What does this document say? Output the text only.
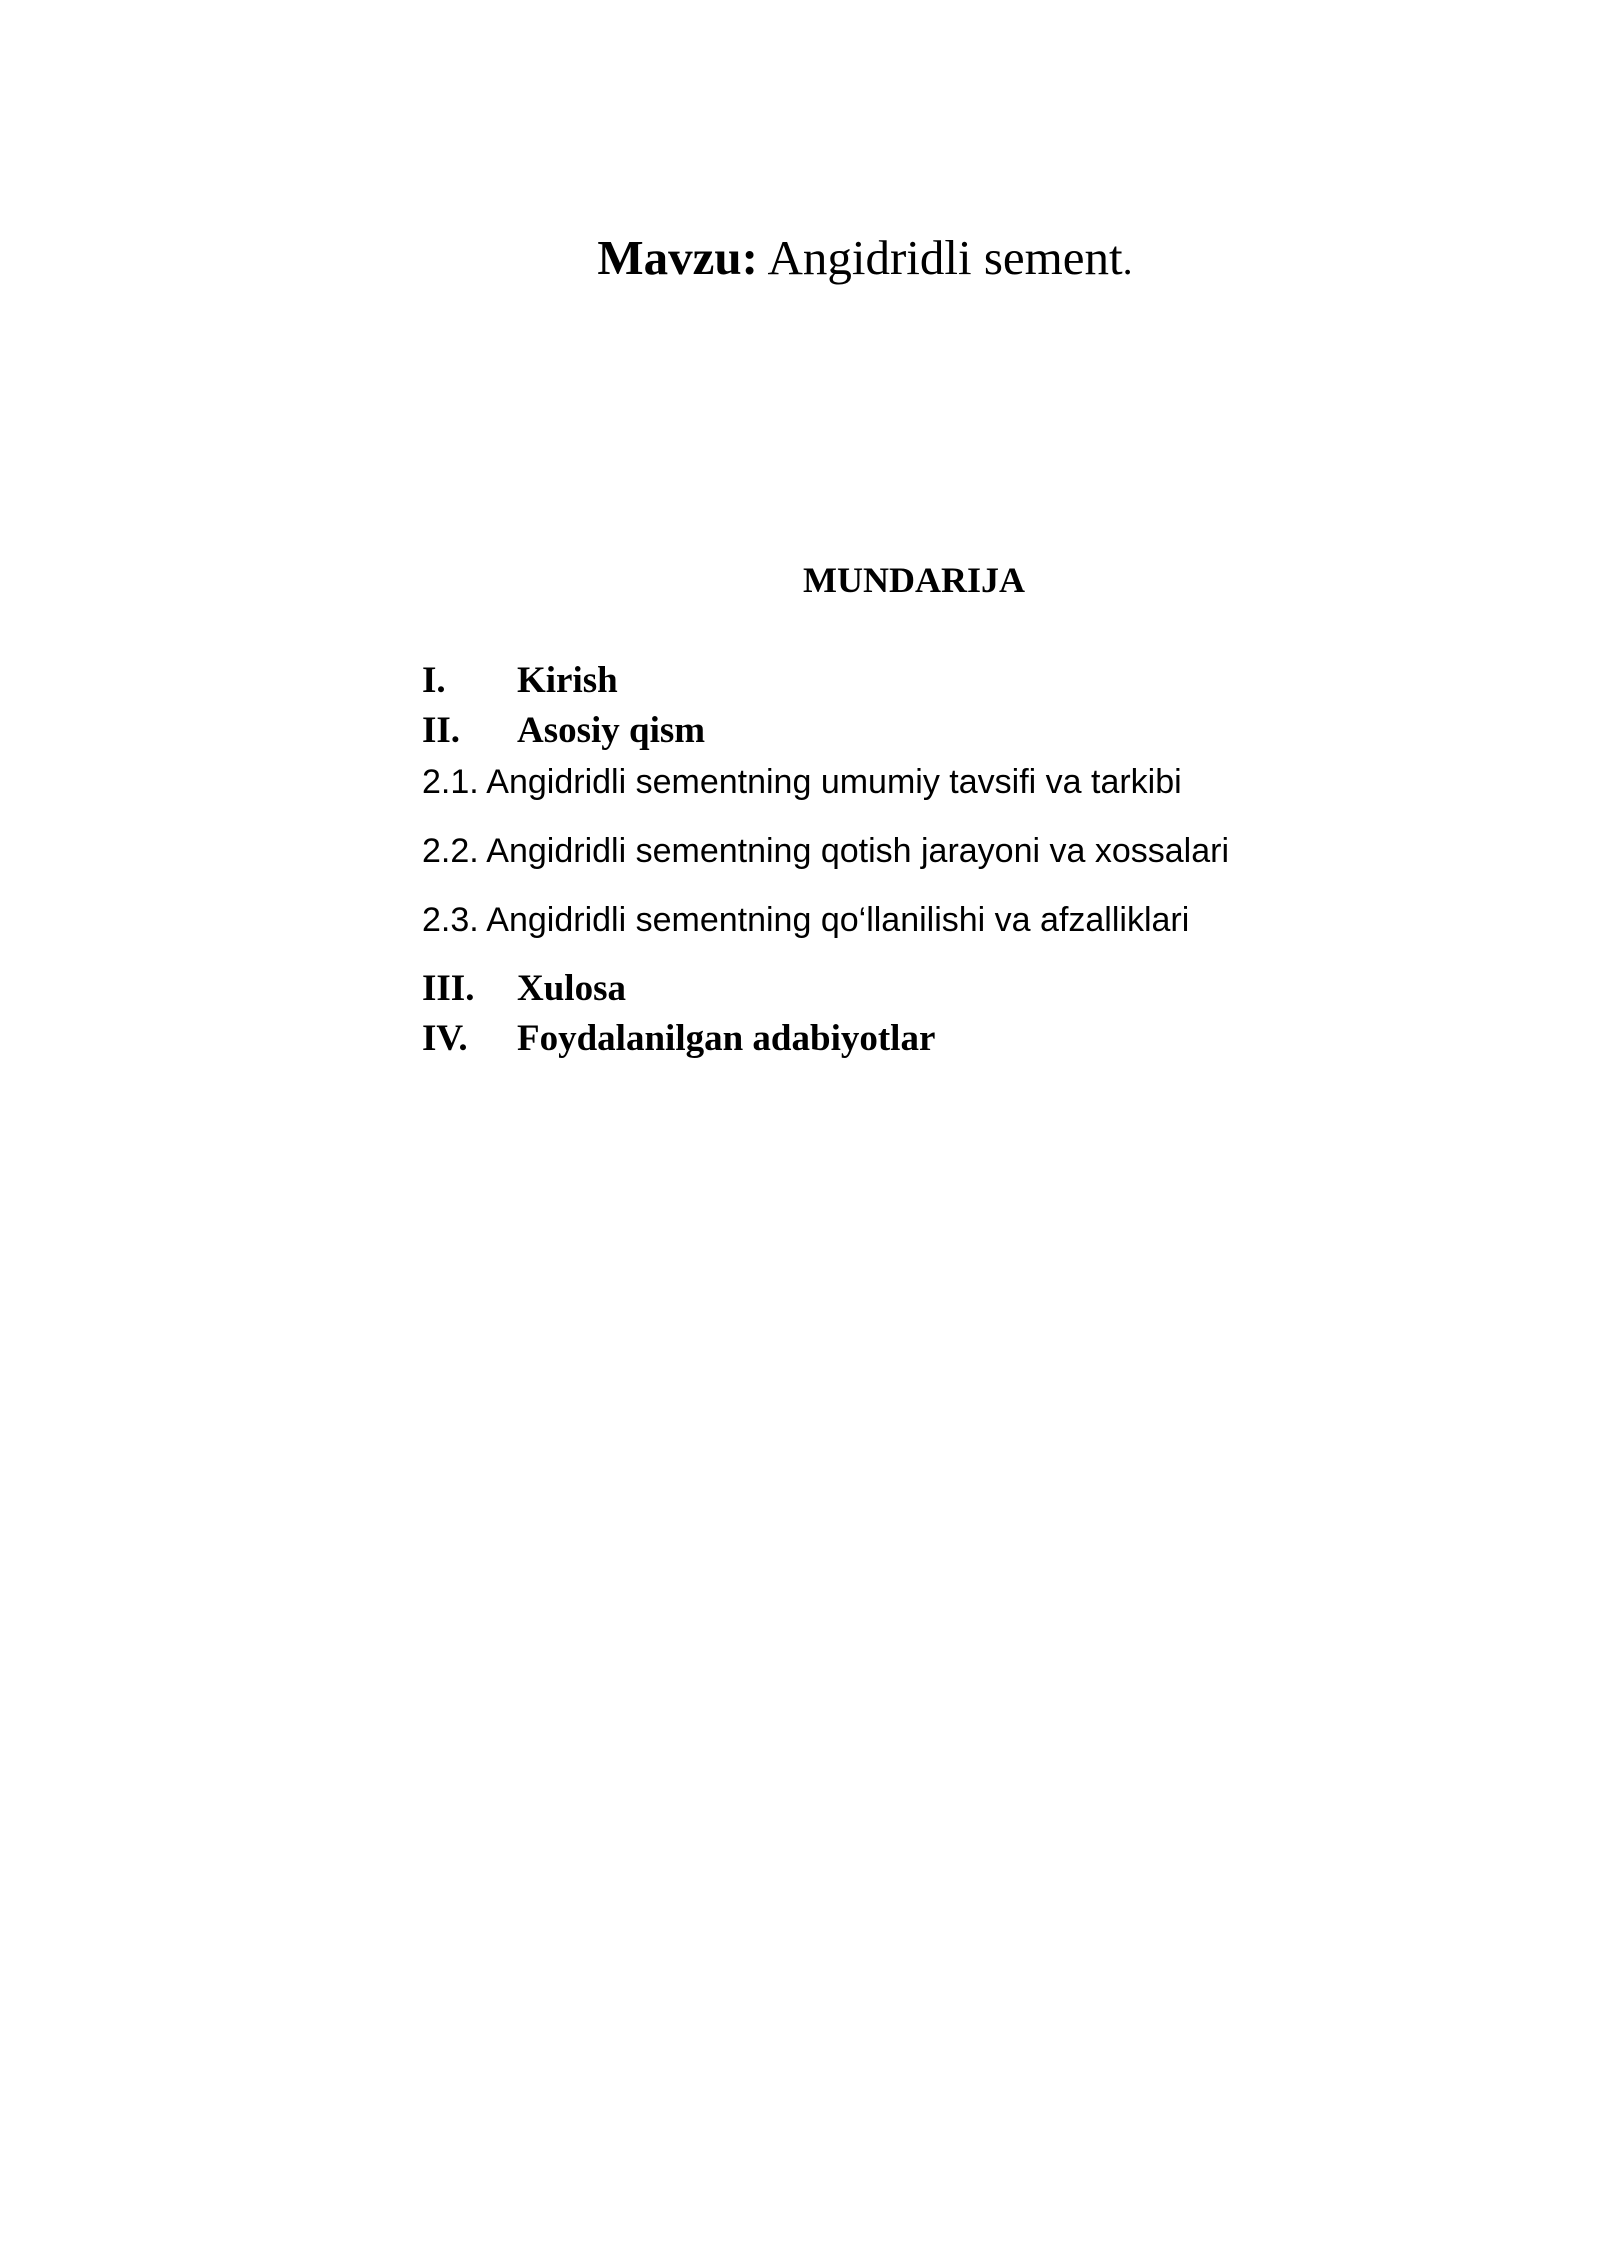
Mavzu: Angidridli sement.
MUNDARIJA
I. Kirish
II. Asosiy qism
2.1. Angidridli sementning umumiy tavsifi va tarkibi
2.2. Angidridli sementning qotish jarayoni va xossalari
2.3. Angidridli sementning qo‘llanilishi va afzalliklari
III. Xulosa
IV. Foydalanilgan adabiyotlar
